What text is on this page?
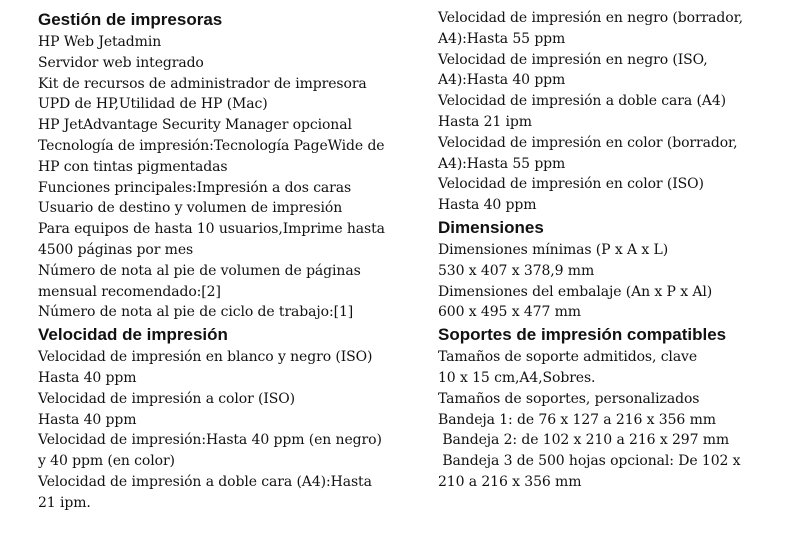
Gestión de impresoras

HP Web Jetadmin

Servidor web integrado

Kit de recursos de administrador de impresora

UPD de HP,Utilidad de HP (Mac)

HP JetAdvantage Security Manager opcional

Tecnología de impresión:Tecnología PageWide de

HP con tintas pigmentadas

Funciones principales:Impresión a dos caras

Usuario de destino y volumen de impresión

Para equipos de hasta 10 usuarios,Imprime hasta

4500 páginas por mes

Número de nota al pie de volumen de páginas

mensual recomendado:[2]

Número de nota al pie de ciclo de trabajo:[1]

Velocidad de impresión

Velocidad de impresión en blanco y negro (ISO)

Hasta 40 ppm

Velocidad de impresión a color (ISO)

Hasta 40 ppm

Velocidad de impresión:Hasta 40 ppm (en negro)

y 40 ppm (en color)

Velocidad de impresión a doble cara (A4):Hasta

21 ipm.

Velocidad de impresión en negro (borrador,

A4):Hasta 55 ppm

Velocidad de impresión en negro (ISO,

A4):Hasta 40 ppm

Velocidad de impresión a doble cara (A4)

Hasta 21 ipm

Velocidad de impresión en color (borrador,

A4):Hasta 55 ppm

Velocidad de impresión en color (ISO)

Hasta 40 ppm

Dimensiones

Dimensiones mínimas (P x A x L)

530 x 407 x 378,9 mm

Dimensiones del embalaje (An x P x Al)

600 x 495 x 477 mm

Soportes de impresión compatibles

Tamaños de soporte admitidos, clave

10 x 15 cm,A4,Sobres.

Tamaños de soportes, personalizados

Bandeja 1: de 76 x 127 a 216 x 356 mm

Bandeja 2: de 102 x 210 a 216 x 297 mm

Bandeja 3 de 500 hojas opcional: De 102 x

210 a 216 x 356 mm
